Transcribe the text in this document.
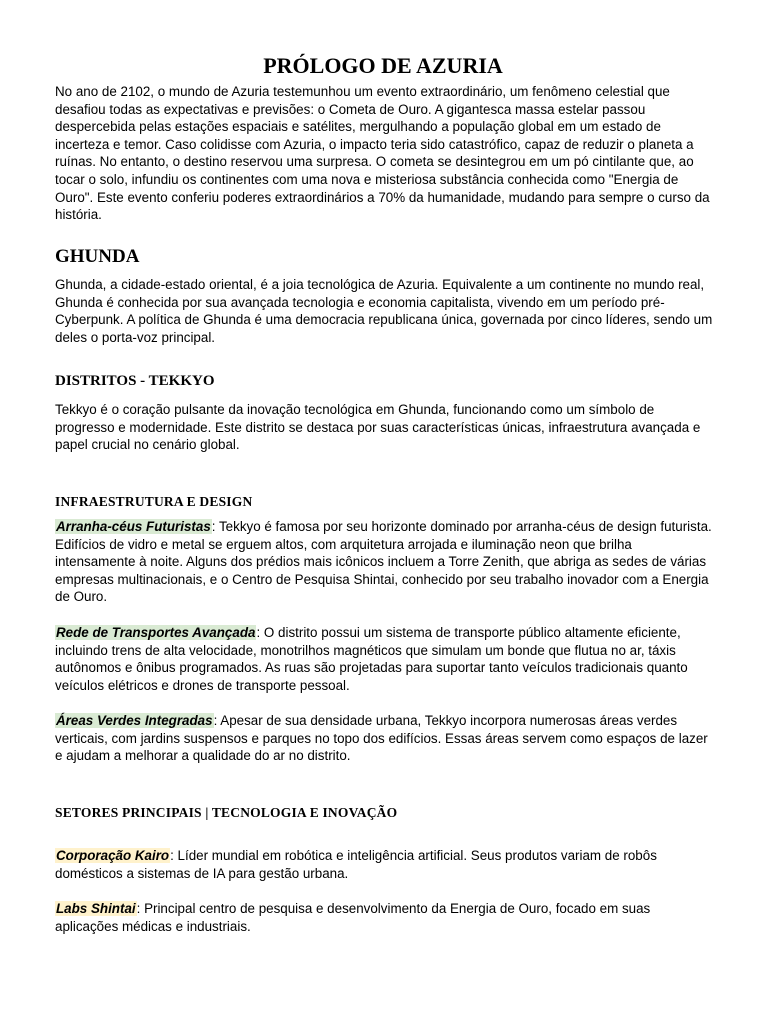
PRÓLOGO DE AZURIA

No ano de 2102, o mundo de Azuria testemunhou um evento extraordinário, um fenômeno celestial que desafiou todas as expectativas e previsões: o Cometa de Ouro. A gigantesca massa estelar passou despercebida pelas estações espaciais e satélites, mergulhando a população global em um estado de incerteza e temor. Caso colidisse com Azuria, o impacto teria sido catastrófico, capaz de reduzir o planeta a ruínas. No entanto, o destino reservou uma surpresa. O cometa se desintegrou em um pó cintilante que, ao tocar o solo, infundiu os continentes com uma nova e misteriosa substância conhecida como "Energia de Ouro". Este evento conferiu poderes extraordinários a 70% da humanidade, mudando para sempre o curso da história.

GHUNDA

Ghunda, a cidade-estado oriental, é a joia tecnológica de Azuria. Equivalente a um continente no mundo real, Ghunda é conhecida por sua avançada tecnologia e economia capitalista, vivendo em um período pré-Cyberpunk. A política de Ghunda é uma democracia republicana única, governada por cinco líderes, sendo um deles o porta-voz principal.

DISTRITOS - TEKKYO

Tekkyo é o coração pulsante da inovação tecnológica em Ghunda, funcionando como um símbolo de progresso e modernidade. Este distrito se destaca por suas características únicas, infraestrutura avançada e papel crucial no cenário global.

INFRAESTRUTURA E DESIGN

Arranha-céus Futuristas: Tekkyo é famosa por seu horizonte dominado por arranha-céus de design futurista. Edifícios de vidro e metal se erguem altos, com arquitetura arrojada e iluminação neon que brilha intensamente à noite. Alguns dos prédios mais icônicos incluem a Torre Zenith, que abriga as sedes de várias empresas multinacionais, e o Centro de Pesquisa Shintai, conhecido por seu trabalho inovador com a Energia de Ouro.

Rede de Transportes Avançada: O distrito possui um sistema de transporte público altamente eficiente, incluindo trens de alta velocidade, monotrilhos magnéticos que simulam um bonde que flutua no ar, táxis autônomos e ônibus programados. As ruas são projetadas para suportar tanto veículos tradicionais quanto veículos elétricos e drones de transporte pessoal.

Áreas Verdes Integradas: Apesar de sua densidade urbana, Tekkyo incorpora numerosas áreas verdes verticais, com jardins suspensos e parques no topo dos edifícios. Essas áreas servem como espaços de lazer e ajudam a melhorar a qualidade do ar no distrito.

SETORES PRINCIPAIS | TECNOLOGIA E INOVAÇÃO

Corporação Kairo: Líder mundial em robótica e inteligência artificial. Seus produtos variam de robôs domésticos a sistemas de IA para gestão urbana.

Labs Shintai: Principal centro de pesquisa e desenvolvimento da Energia de Ouro, focado em suas aplicações médicas e industriais.
